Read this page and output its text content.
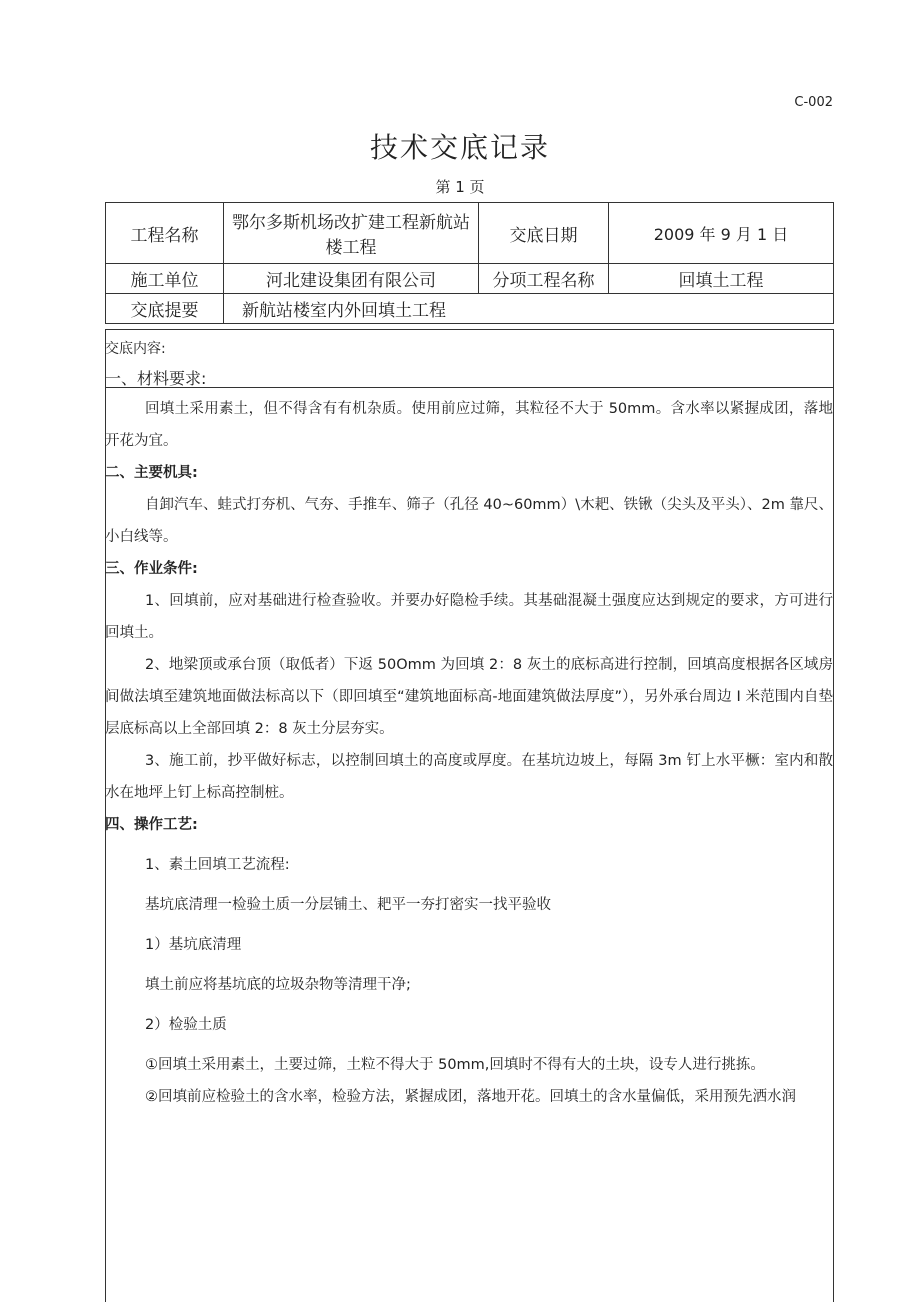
C-002
技术交底记录
第 1 页
工程名称	鄂尔多斯机场改扩建工程新航站楼工程	交底日期	2009 年 9 月 1 日
施工单位	河北建设集团有限公司	分项工程名称	回填土工程
交底提要	新航站楼室内外回填土工程		
交底内容:
一、材料要求:

回填土采用素土，但不得含有有机杂质。使用前应过筛，其粒径不大于 50mm。含水率以紧握成团，落地开花为宜。

二、主要机具:

自卸汽车、蛙式打夯机、气夯、手推车、筛子（孔径 40~60mm）\木耙、铁锹（尖头及平头）、2m 靠尺、小白线等。

三、作业条件:

1、回填前，应对基础进行检查验收。并要办好隐检手续。其基础混凝土强度应达到规定的要求，方可进行回填土。

2、地梁顶或承台顶（取低者）下返 50Omm 为回填 2：8 灰土的底标高进行控制，回填高度根据各区域房间做法填至建筑地面做法标高以下（即回填至“建筑地面标高-地面建筑做法厚度”），另外承台周边 I 米范围内自垫层底标高以上全部回填 2：8 灰土分层夯实。

3、施工前，抄平做好标志，以控制回填土的高度或厚度。在基坑边坡上，每隔 3m 钉上水平橛：室内和散水在地坪上钉上标高控制桩。

四、操作工艺:

1、素土回填工艺流程:

基坑底清理一检验土质一分层铺土、耙平一夯打密实一找平验收

1）基坑底清理

填土前应将基坑底的垃圾杂物等清理干净;

2）检验土质

①回填土采用素土，土要过筛，土粒不得大于 50mm,回填时不得有大的土块，设专人进行挑拣。

②回填前应检验土的含水率，检验方法，紧握成团，落地开花。回填土的含水量偏低，采用预先洒水润
